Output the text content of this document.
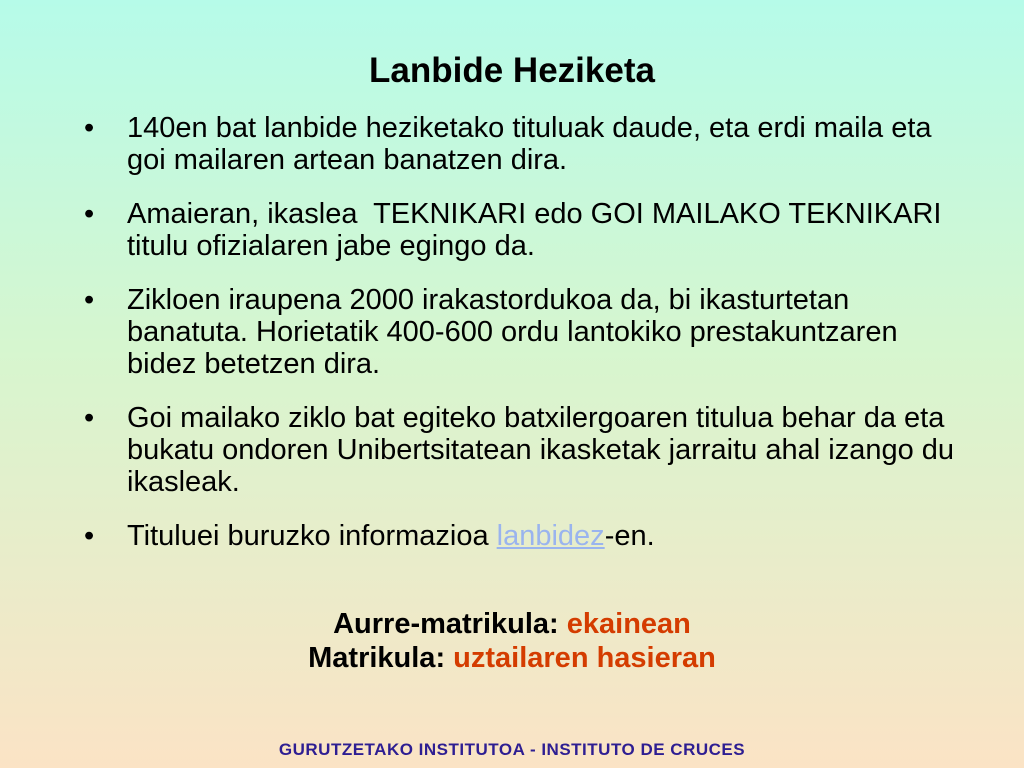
Lanbide Heziketa
• 140en bat lanbide heziketako tituluak daude, eta erdi maila eta goi mailaren artean banatzen dira.
• Amaieran, ikaslea  TEKNIKARI edo GOI MAILAKO TEKNIKARI titulu ofizialaren jabe egingo da.
• Zikloen iraupena 2000 irakastordukoa da, bi ikasturtetan banatuta. Horietatik 400-600 ordu lantokiko prestakuntzaren bidez betetzen dira.
• Goi mailako ziklo bat egiteko batxilergoaren titulua behar da eta bukatu ondoren Unibertsitatean ikasketak jarraitu ahal izango du ikasleak.
• Tituluei buruzko informazioa lanbidez-en.
Aurre-matrikula: ekainean
Matrikula: uztailaren hasieran
GURUTZETAKO INSTITUTOA - INSTITUTO DE CRUCES
